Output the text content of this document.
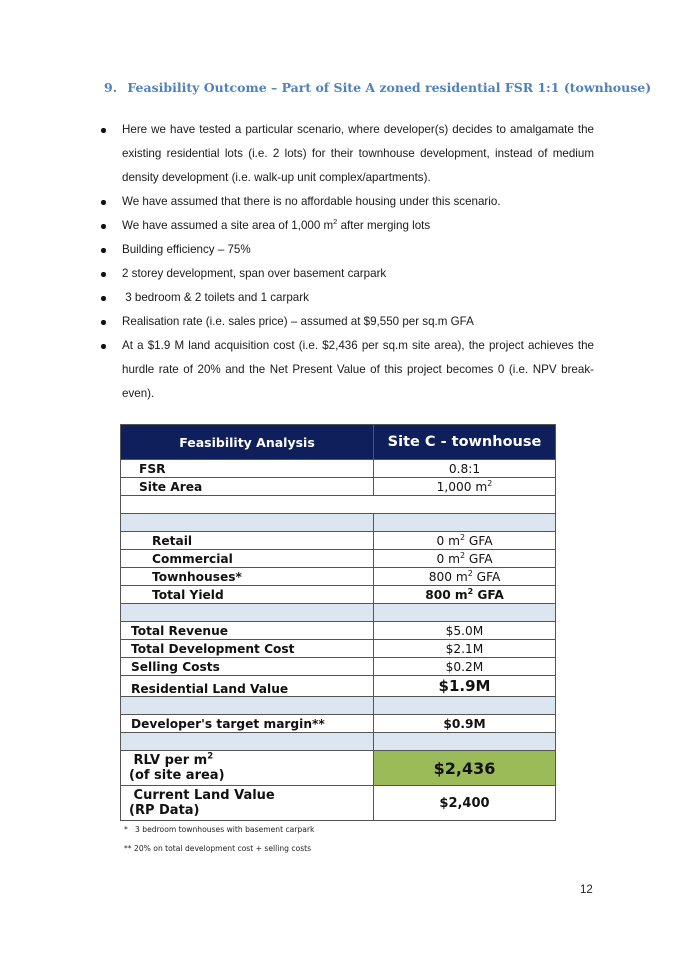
9. Feasibility Outcome – Part of Site A zoned residential FSR 1:1 (townhouse)
Here we have tested a particular scenario, where developer(s) decides to amalgamate the existing residential lots (i.e. 2 lots) for their townhouse development, instead of medium density development (i.e. walk-up unit complex/apartments).
We have assumed that there is no affordable housing under this scenario.
We have assumed a site area of 1,000 $m^2$ after merging lots
Building efficiency – 75%
2 storey development, span over basement carpark
3 bedroom & 2 toilets and 1 carpark
Realisation rate (i.e. sales price) – assumed at $9,550 per sq.m GFA
At a $1.9 M land acquisition cost (i.e. $2,436 per sq.m site area), the project achieves the hurdle rate of 20% and the Net Present Value of this project becomes 0 (i.e. NPV break-even).
Feasibility Analysis	Site C - townhouse
FSR	0.8:1
Site Area	1,000 $m^2$

Retail	0 $m^2$ GFA
Commercial	0 $m^2$ GFA
Townhouses*	800 $m^2$ GFA
Total Yield	800 $m^2$ GFA

Total Revenue	$5.0M
Total Development Cost	$2.1M
Selling Costs	$0.2M
Residential Land Value	$1.9M

Developer's target margin**	$0.9M

RLV per $m^2$
(of site area)	$2,436
Current Land Value
(RP Data)	$2,400
*   3 bedroom townhouses with basement carpark
** 20% on total development cost + selling costs
12
